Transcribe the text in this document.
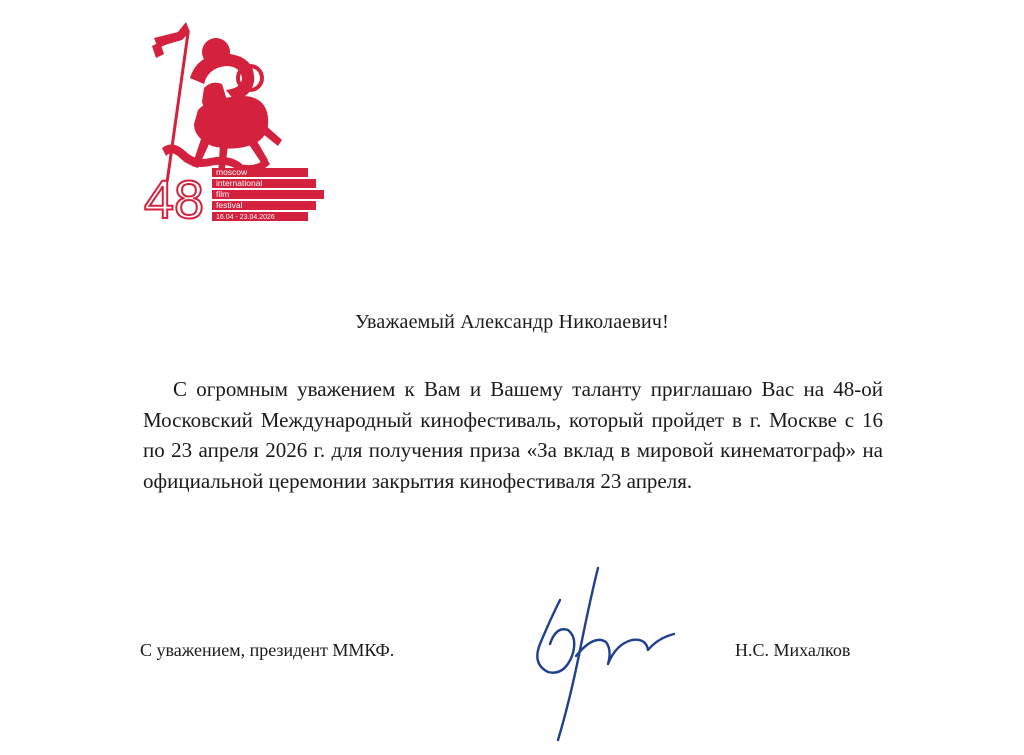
48 moscow
international
film
festival
16.04 - 23.04.2026
Уважаемый Александр Николаевич!

С огромным уважением к Вам и Вашему таланту приглашаю Вас на 48-ой Московский Международный кинофестиваль, который пройдет в г. Москве с 16 по 23 апреля 2026 г. для получения приза «За вклад в мировой кинематограф» на официальной церемонии закрытия кинофестиваля 23 апреля.

С уважением, президент ММКФ.	Н.С. Михалков
